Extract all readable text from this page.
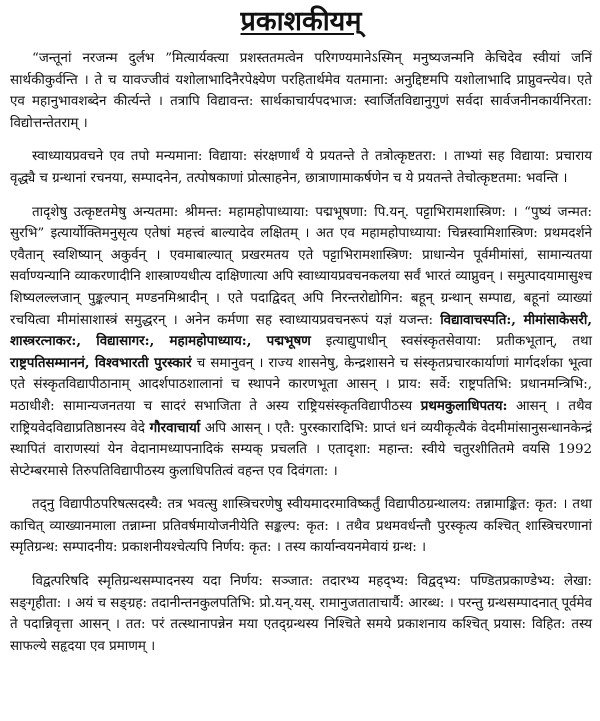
प्रकाशकीयम्

“जन्तूनां नरजन्म दुर्लभ ”मित्यार्यक्त्या प्रशस्ततमत्वेन परिगण्यमानेऽस्मिन् मनुष्यजन्मनि केचिदेव स्वीयां जनिं सार्थकीकुर्वन्ति । ते च यावज्जीवं यशोलाभादिनैरपेक्ष्येण परहितार्थमेव यतमाना: अनुद्दिष्टमपि यशोलाभादि प्राप्नुवन्त्येव। एते एव महानुभावशब्देन कीर्त्यन्ते । तत्रापि विद्यावन्त: सार्थकाचार्यपदभाज: स्वार्जितविद्यानुगुणं सर्वदा सार्वजनीनकार्यनिरता: विद्योत्तन्तेतराम् ।

स्वाध्यायप्रवचने एव तपो मन्यमाना: विद्याया: संरक्षणार्थं ये प्रयतन्ते ते तत्रोत्कृष्टतरा: । ताभ्यां सह विद्याया: प्रचाराय वृद्ध्यै च ग्रन्थानां रचनया, सम्पादनेन, तत्पोषकाणां प्रोत्साहनेन, छात्राणामाकर्षणेन च ये प्रयतन्ते तेचोत्कृष्टतमा: भवन्ति ।

तादृशेषु उत्कृष्टतमेषु अन्यतमा: श्रीमन्त: महामहोपाध्याया: पद्मभूषणा: पि.यन्. पट्टाभिरामशास्त्रिण: । “पुष्यं जन्मत: सुरभि” इत्यार्योक्तिमनुसृत्य एतेषां महत्त्वं बाल्यादेव लक्षितम् । अत एव महामहोपाध्याया: चिन्नस्वामिशास्त्रिण: प्रथमदर्शने एवैतान् स्वशिष्यान् अकुर्वन् । एवमाबाल्यात् प्रखरमतय एते पट्टाभिरामशास्त्रिण: प्राधान्येन पूर्वमीमांसां, सामान्यतया सर्वाण्यन्यानि व्याकरणादीनि शास्त्राण्यधीत्य दाक्षिणात्या अपि स्वाध्यायप्रवचनकलया सर्वं भारतं व्याप्नुवन् । समुत्पादयामासुश्च शिष्यलल्लजान् पुङ्कल्पान् मण्डनमिश्रादीन् । एते पदाद्विदत् अपि निरन्तरोद्योगिन: बहून् ग्रन्थान् सम्पाद्य, बहूनां व्याख्यां रचयित्वा मीमांसाशास्त्रं समुद्धरन् । अनेन कर्मणा सह स्वाध्यायप्रवचनरूपं यज्ञं यजन्त: विद्यावाचस्पति:, मीमांसाकेसरी, शास्त्ररत्नाकर:, विद्यासागर:, महामहोपाध्याय:, पद्मभूषण इत्याद्युपाधीन् स्वसंस्कृतसेवाया: प्रतीकभूतान्, तथा राष्ट्रपतिसम्माननं, विश्वभारती पुरस्कारं च समानुवन् । राज्य शासनेषु, केन्द्रशासने च संस्कृतप्रचारकार्याणां मार्गदर्शका भूत्वा एते संस्कृतविद्यापीठानाम् आदर्शपाठशालानां च स्थापने कारणभूता आसन् । प्राय: सर्वे: राष्ट्रपतिभि: प्रधानमन्त्रिभि:, मठाधीशै: सामान्यजनतया च सादरं सभाजिता ते अस्य राष्ट्रियसंस्कृतविद्यापीठस्य प्रथमकुलाधिपतय: आसन् । तथैव राष्ट्रियवेदविद्याप्रतिष्ठानस्य वेदे गौरवाचार्या अपि आसन् । एतै: पुरस्कारादिभि: प्राप्तं धनं व्ययीकृत्यैकं वेदमीमांसानुसन्धानकेन्द्रं स्थापितं वाराणस्यां येन वेदानामध्यापनादिकं सम्यक् प्रचलति । एतादृशा: महान्त: स्वीये चतुरशीतितमे वयसि 1992 सेप्टेम्बरमासे तिरुपतिविद्यापीठस्य कुलाधिपतित्वं वहन्त एव दिवंगता: ।

तद्नु विद्यापीठपरिषत्सदस्यै: तत्र भवत्सु शास्त्रिचरणेषु स्वीयमादरमाविष्कर्तुं विद्यापीठग्रन्थालय: तन्नामाङ्कित: कृत: । तथा काचित् व्याख्यानमाला तन्नाम्ना प्रतिवर्षमायोजनीयेति सङ्कल्प: कृत: । तथैव प्रथमवर्धन्तौ पुरस्कृत्य कश्चित् शास्त्रिचरणानां स्मृतिग्रन्थ: सम्पादनीय: प्रकाशनीयश्चेत्यपि निर्णय: कृत: । तस्य कार्यान्वयनमेवायं ग्रन्थ: ।

विद्वत्परिषदि स्मृतिग्रन्थसम्पादनस्य यदा निर्णय: सञ्जात: तदारभ्य महद्भ्य: विद्वद्भ्य: पण्डितप्रकाण्डेभ्य: लेखा: सङ्गृहीता: । अयं च सङ्ग्रह: तदानीन्तनकुलपतिभि: प्रो.यन्.यस्. रामानुजताताचार्यै: आरब्ध: । परन्तु ग्रन्थसम्पादनात् पूर्वमेव ते पदान्निवृत्ता आसन् । तत: परं तत्स्थानापन्नेन मया एतद्ग्रन्थस्य निश्चिते समये प्रकाशनाय कश्चित् प्रयास: विहित: तस्य साफल्ये सहृदया एव प्रमाणम् ।
